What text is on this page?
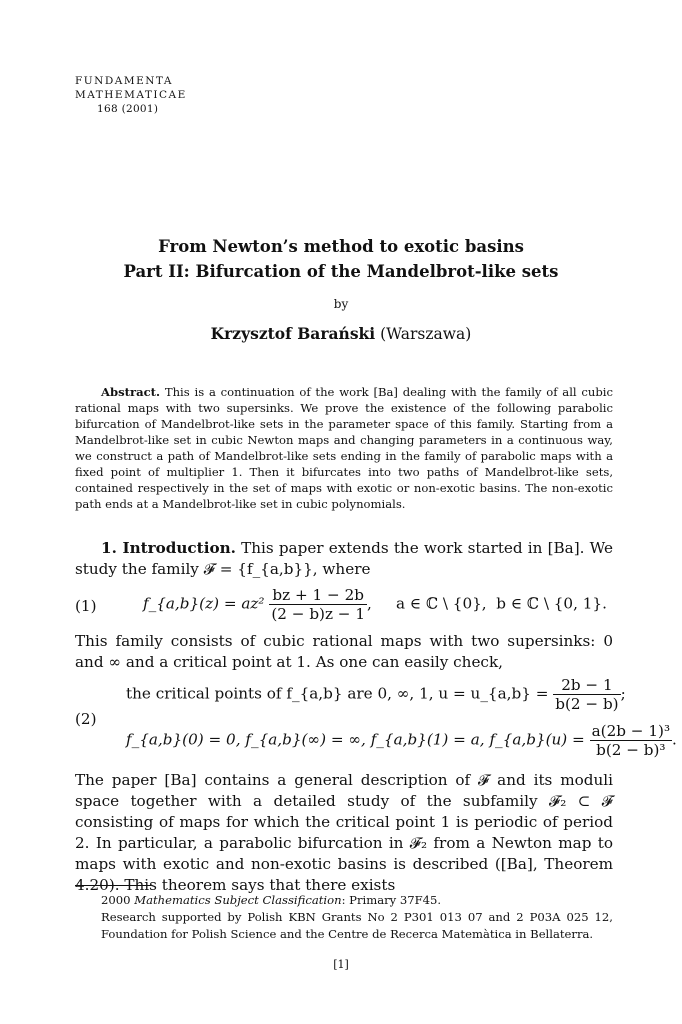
FUNDAMENTA
MATHEMATICAE
168 (2001)
From Newton’s method to exotic basins
Part II: Bifurcation of the Mandelbrot-like sets
by
Krzysztof Barański (Warszawa)
Abstract. This is a continuation of the work [Ba] dealing with the family of all cubic rational maps with two supersinks. We prove the existence of the following parabolic bifurcation of Mandelbrot-like sets in the parameter space of this family. Starting from a Mandelbrot-like set in cubic Newton maps and changing parameters in a continuous way, we construct a path of Mandelbrot-like sets ending in the family of parabolic maps with a fixed point of multiplier 1. Then it bifurcates into two paths of Mandelbrot-like sets, contained respectively in the set of maps with exotic or non-exotic basins. The non-exotic path ends at a Mandelbrot-like set in cubic polynomials.
1. Introduction. This paper extends the work started in [Ba]. We study the family 𝓕 = {f_{a,b}}, where
(1)	f_{a,b}(z) = $az^2 \frac{bz + 1 - 2b}{(2 - b)z - 1}$ ,     a ∈ ℂ \ {0},  b ∈ ℂ \ {0, 1}.
This family consists of cubic rational maps with two supersinks: 0 and ∞ and a critical point at 1. As one can easily check,
(2)
the critical points of f_{a,b} are 0, ∞, 1, u = u_{a,b} = $\frac{2b - 1}{b(2 - b)}$ ;
f_{a,b}(0) = 0, f_{a,b}(∞) = ∞, f_{a,b}(1) = a, f_{a,b}(u) = $\frac{\text{a(2b − 1)³}}{\text{b(2 − b)³}}$ .
The paper [Ba] contains a general description of 𝓕 and its moduli space together with a detailed study of the subfamily 𝓕₂ ⊂ 𝓕 consisting of maps for which the critical point 1 is periodic of period 2. In particular, a parabolic bifurcation in 𝓕₂ from a Newton map to maps with exotic and non-exotic basins is described ([Ba], Theorem 4.20). This theorem says that there exists
2000 Mathematics Subject Classification: Primary 37F45.
Research supported by Polish KBN Grants No 2 P301 013 07 and 2 P03A 025 12, Foundation for Polish Science and the Centre de Recerca Matemàtica in Bellaterra.
[1]
